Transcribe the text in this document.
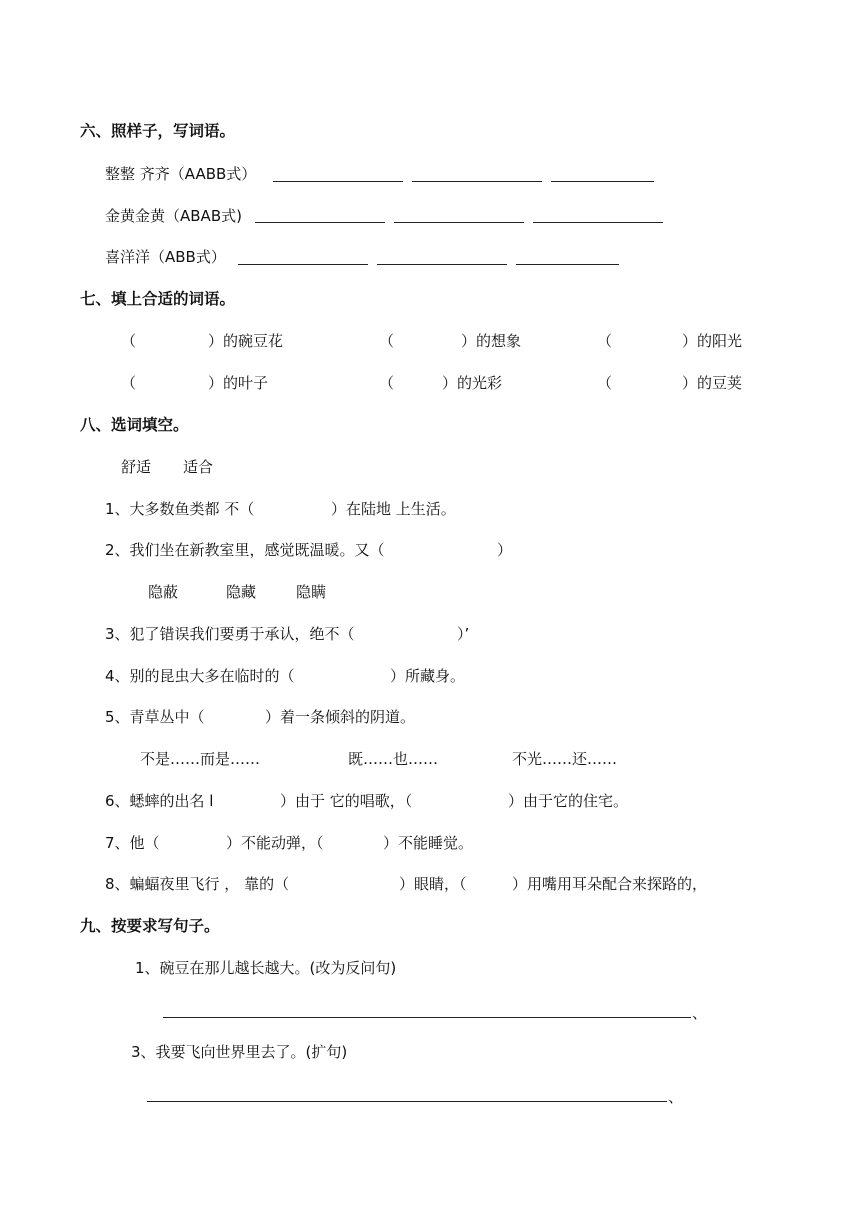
六、照样子，写词语。
整整 齐齐（AABB式）
金黄金黄（ABAB式)
喜洋洋（ABB式）
七、填上合适的词语。
（	）的碗豆花	（	）的想象	（	）的阳光
（	）的叶子	（	）的光彩	（	）的豆荚
八、选词填空。
舒适 适合
1、大多数鱼类都 不（	）在陆地 上生活。
2、我们坐在新教室里，感觉既温暖。又（	）
隐蔽	隐藏	隐瞒
3、犯了错误我们要勇于承认，绝不（	）’
4、别的昆虫大多在临时的（	）所藏身。
5、青草丛中（	）着一条倾斜的阴道。
不是……而是……	既……也……	不光……还……
6、蟋蟀的出名 l	）由于 它的唱歌，（	）由于它的住宅。
7、他（	）不能动弹，（	）不能睡觉。
8、蝙蝠夜里飞行 ， 靠的（	）眼睛，（	）用嘴用耳朵配合来探路的，
九、按要求写句子。
1、碗豆在那儿越长越大。(改为反问句)
、
3、我要飞向世界里去了。(扩句)
、
